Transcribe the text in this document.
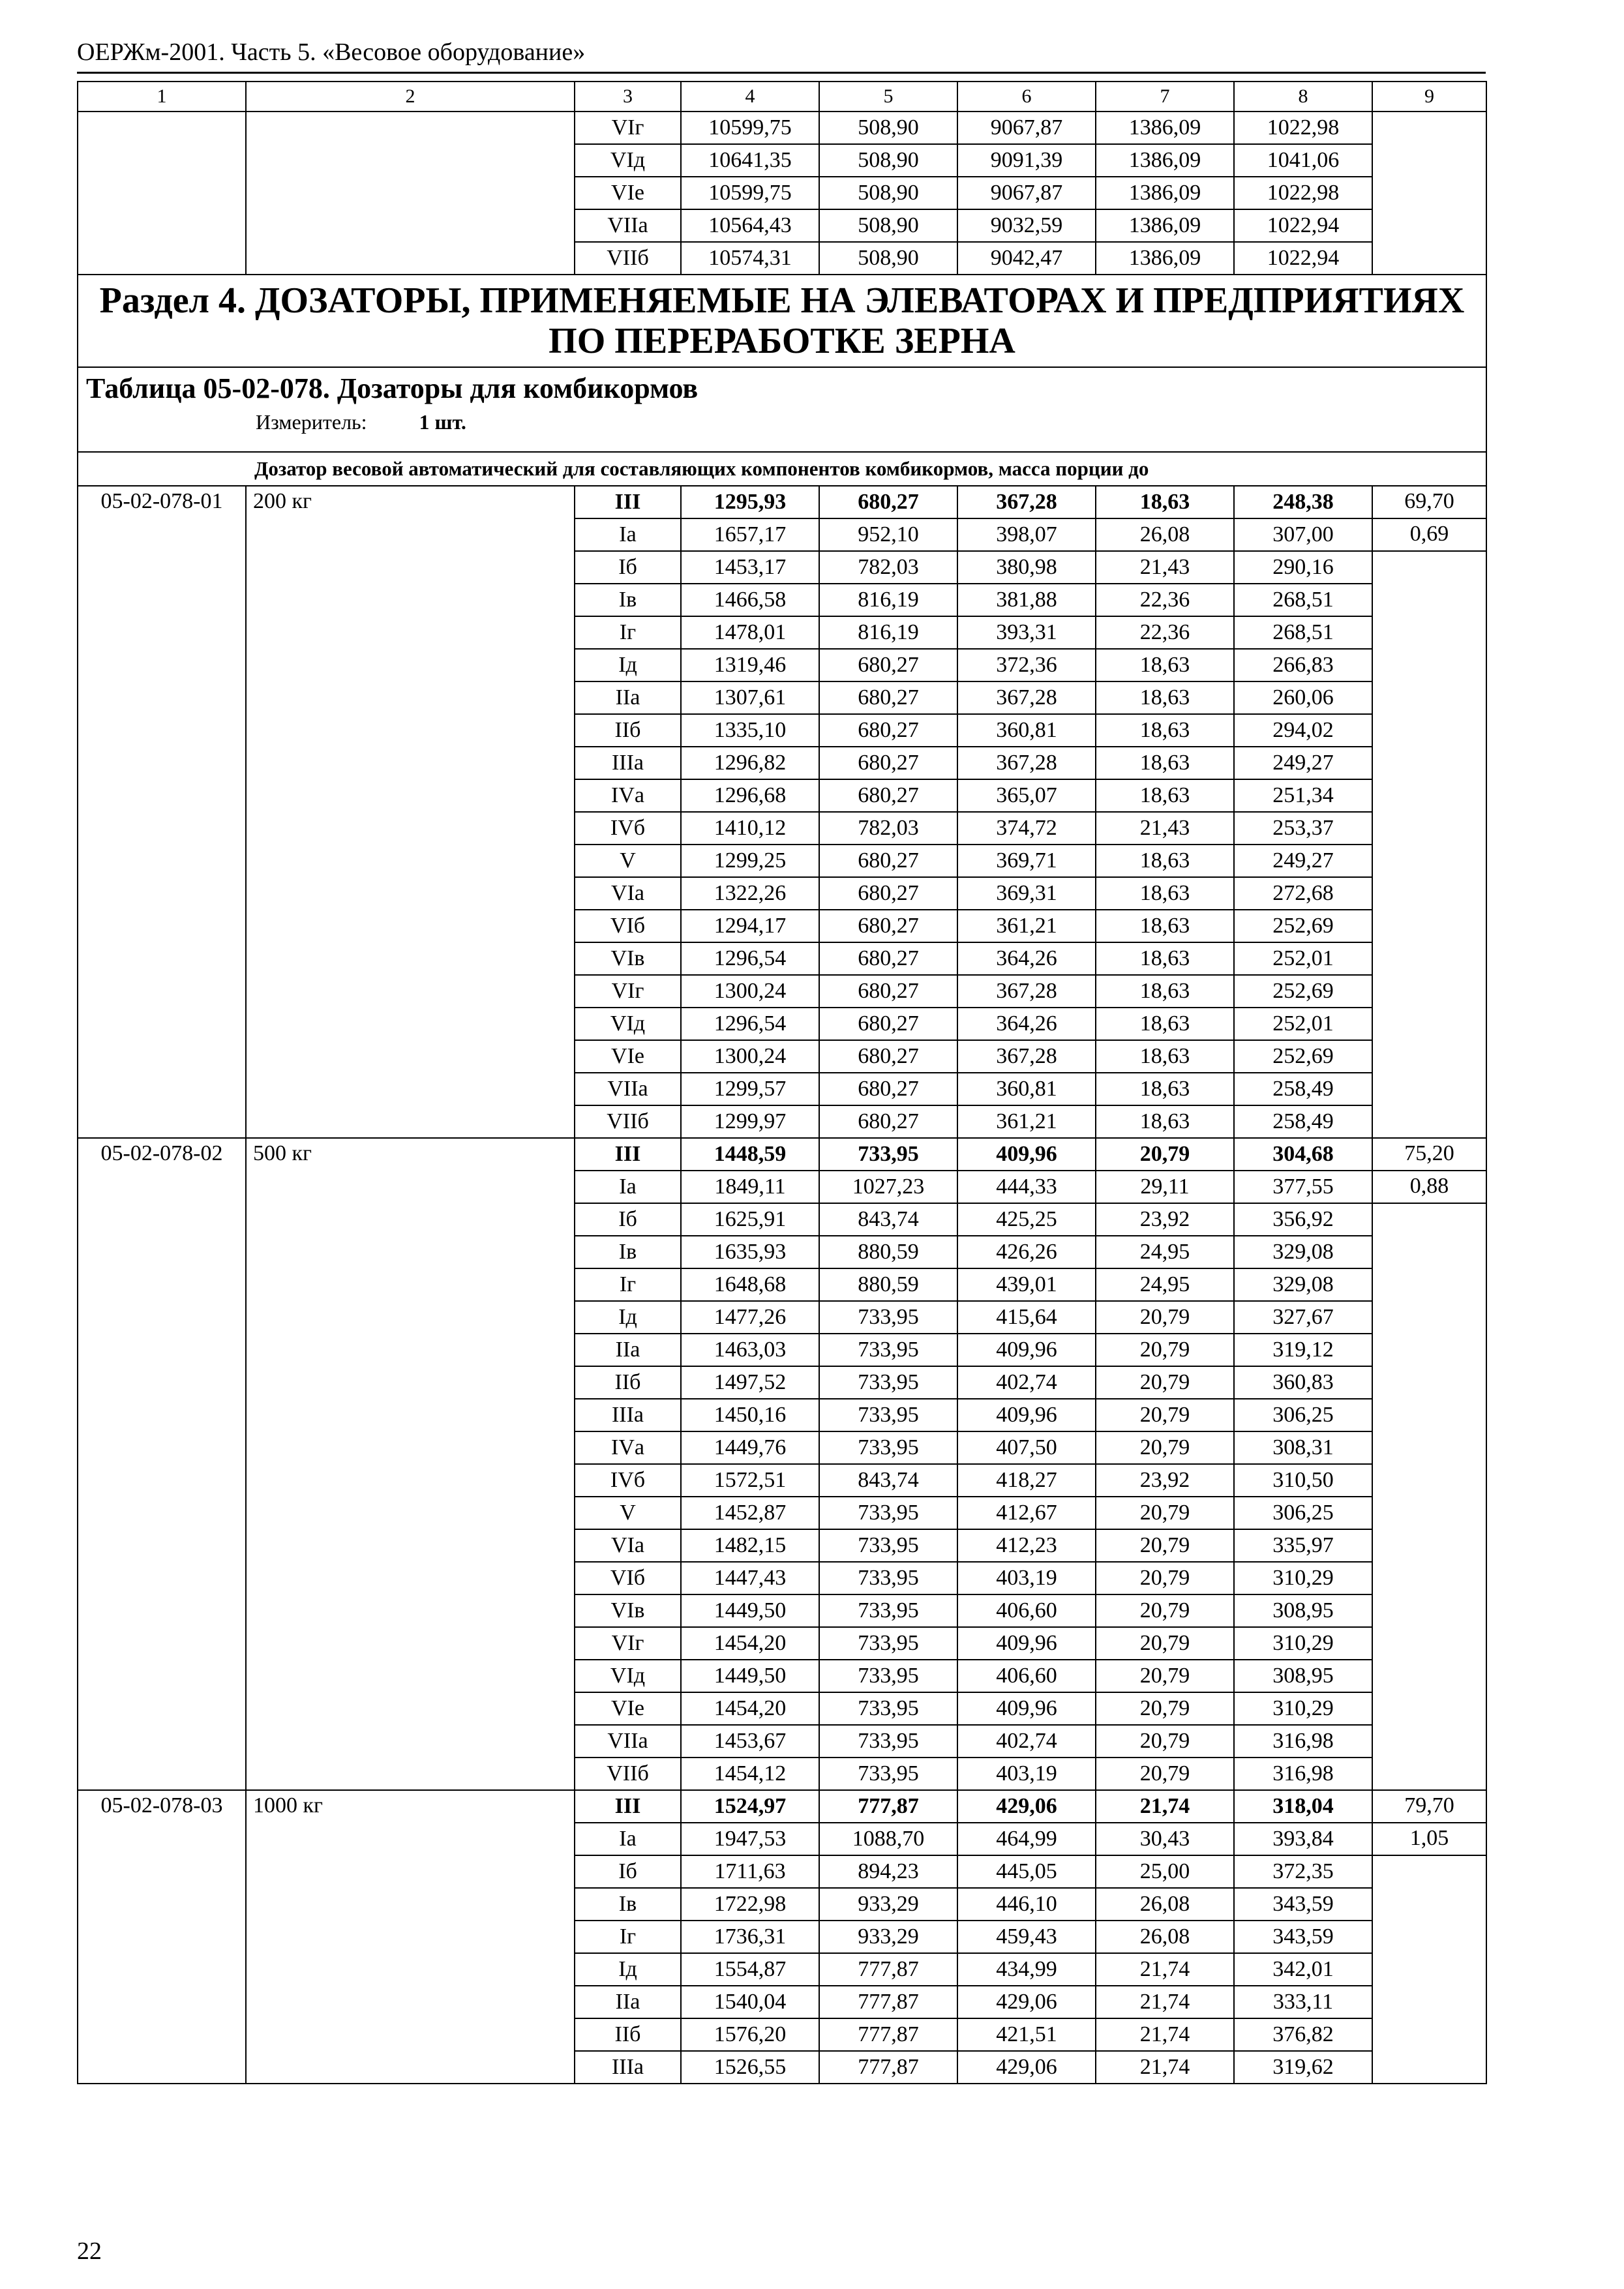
ОЕРЖм-2001. Часть 5. «Весовое оборудование»
1	2	3	4	5	6	7	8	9
		VIг	10599,75	508,90	9067,87	1386,09	1022,98	
		VIд	10641,35	508,90	9091,39	1386,09	1041,06	
		VIе	10599,75	508,90	9067,87	1386,09	1022,98	
		VIIа	10564,43	508,90	9032,59	1386,09	1022,94	
		VIIб	10574,31	508,90	9042,47	1386,09	1022,94	
Раздел 4. ДОЗАТОРЫ, ПРИМЕНЯЕМЫЕ НА ЭЛЕВАТОРАХ И ПРЕДПРИЯТИЯХ ПО ПЕРЕРАБОТКЕ ЗЕРНА								

Таблица 05-02-078. Дозаторы для комбикормов
Измеритель: 1 шт.								

Дозатор весовой автоматический для составляющих компонентов комбикормов, масса порции до								
05-02-078-01	200 кг	III	1295,93	680,27	367,28	18,63	248,38	69,70
		Iа	1657,17	952,10	398,07	26,08	307,00	0,69
		Iб	1453,17	782,03	380,98	21,43	290,16	
		Iв	1466,58	816,19	381,88	22,36	268,51	
		Iг	1478,01	816,19	393,31	22,36	268,51	
		Iд	1319,46	680,27	372,36	18,63	266,83	
		IIа	1307,61	680,27	367,28	18,63	260,06	
		IIб	1335,10	680,27	360,81	18,63	294,02	
		IIIа	1296,82	680,27	367,28	18,63	249,27	
		IVа	1296,68	680,27	365,07	18,63	251,34	
		IVб	1410,12	782,03	374,72	21,43	253,37	
		V	1299,25	680,27	369,71	18,63	249,27	
		VIа	1322,26	680,27	369,31	18,63	272,68	
		VIб	1294,17	680,27	361,21	18,63	252,69	
		VIв	1296,54	680,27	364,26	18,63	252,01	
		VIг	1300,24	680,27	367,28	18,63	252,69	
		VIд	1296,54	680,27	364,26	18,63	252,01	
		VIе	1300,24	680,27	367,28	18,63	252,69	
		VIIа	1299,57	680,27	360,81	18,63	258,49	
		VIIб	1299,97	680,27	361,21	18,63	258,49	
05-02-078-02	500 кг	III	1448,59	733,95	409,96	20,79	304,68	75,20
		Iа	1849,11	1027,23	444,33	29,11	377,55	0,88
		Iб	1625,91	843,74	425,25	23,92	356,92	
		Iв	1635,93	880,59	426,26	24,95	329,08	
		Iг	1648,68	880,59	439,01	24,95	329,08	
		Iд	1477,26	733,95	415,64	20,79	327,67	
		IIа	1463,03	733,95	409,96	20,79	319,12	
		IIб	1497,52	733,95	402,74	20,79	360,83	
		IIIа	1450,16	733,95	409,96	20,79	306,25	
		IVа	1449,76	733,95	407,50	20,79	308,31	
		IVб	1572,51	843,74	418,27	23,92	310,50	
		V	1452,87	733,95	412,67	20,79	306,25	
		VIа	1482,15	733,95	412,23	20,79	335,97	
		VIб	1447,43	733,95	403,19	20,79	310,29	
		VIв	1449,50	733,95	406,60	20,79	308,95	
		VIг	1454,20	733,95	409,96	20,79	310,29	
		VIд	1449,50	733,95	406,60	20,79	308,95	
		VIе	1454,20	733,95	409,96	20,79	310,29	
		VIIа	1453,67	733,95	402,74	20,79	316,98	
		VIIб	1454,12	733,95	403,19	20,79	316,98	
05-02-078-03	1000 кг	III	1524,97	777,87	429,06	21,74	318,04	79,70
		Iа	1947,53	1088,70	464,99	30,43	393,84	1,05
		Iб	1711,63	894,23	445,05	25,00	372,35	
		Iв	1722,98	933,29	446,10	26,08	343,59	
		Iг	1736,31	933,29	459,43	26,08	343,59	
		Iд	1554,87	777,87	434,99	21,74	342,01	
		IIа	1540,04	777,87	429,06	21,74	333,11	
		IIб	1576,20	777,87	421,51	21,74	376,82	
		IIIа	1526,55	777,87	429,06	21,74	319,62	
22
